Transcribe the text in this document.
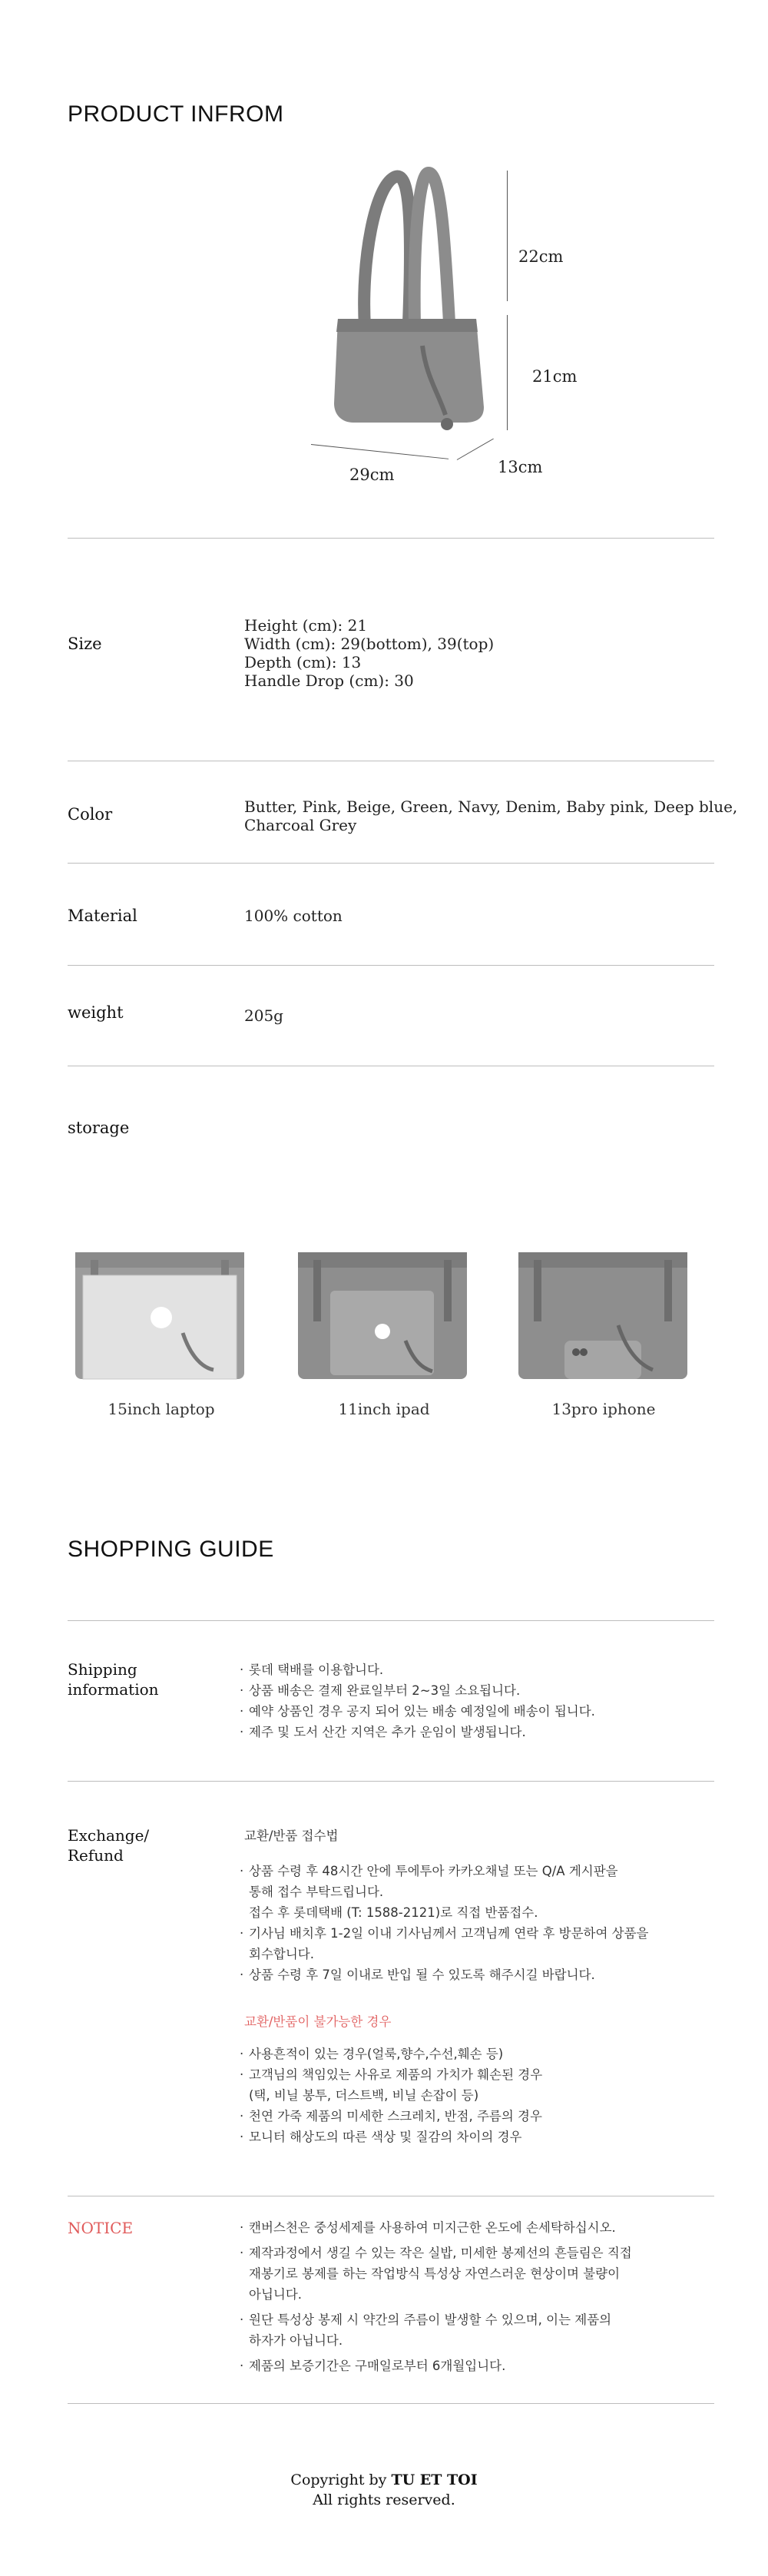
PRODUCT INFROM
22cm
21cm
29cm	13cm
Size
Height (cm): 21
Width (cm): 29(bottom), 39(top)
Depth (cm): 13
Handle Drop (cm): 30
Color	Butter, Pink, Beige, Green, Navy, Denim, Baby pink, Deep blue,
Charcoal Grey
Material	100% cotton
weight	205g
storage
15inch laptop	11inch ipad	13pro iphone
SHOPPING GUIDE
Shipping
information
· 롯데 택배를 이용합니다.
· 상품 배송은 결제 완료일부터 2~3일 소요됩니다.
· 예약 상품인 경우 공지 되어 있는 배송 예정일에 배송이 됩니다.
· 제주 및 도서 산간 지역은 추가 운임이 발생됩니다.
Exchange/
Refund
교환/반품 접수법
· 상품 수령 후 48시간 안에 투에투아 카카오채널 또는 Q/A 게시판을
통해 접수 부탁드립니다.
접수 후 롯데택배 (T: 1588-2121)로 직접 반품접수.
· 기사님 배치후 1-2일 이내 기사님께서 고객님께 연락 후 방문하여 상품을
회수합니다.
· 상품 수령 후 7일 이내로 반입 될 수 있도록 해주시길 바랍니다.
교환/반품이 불가능한 경우
· 사용흔적이 있는 경우(얼룩,향수,수선,훼손 등)
· 고객님의 책임있는 사유로 제품의 가치가 훼손된 경우
(택, 비닐 봉투, 더스트백, 비닐 손잡이 등)
· 천연 가죽 제품의 미세한 스크레치, 반점, 주름의 경우
· 모니터 해상도의 따른 색상 및 질감의 차이의 경우
NOTICE
·	캔버스천은 중성세제를 사용하여 미지근한 온도에 손세탁하십시오.
· 제작과정에서 생길 수 있는 작은 실밥, 미세한 봉제선의 흔들림은 직접
재봉기로 봉제를 하는 작업방식 특성상 자연스러운 현상이며 불량이
아닙니다.
· 원단 특성상 봉제 시 약간의 주름이 발생할 수 있으며, 이는 제품의
하자가 아닙니다.
· 제품의 보증기간은 구매일로부터 6개월입니다.
Copyright by TU ET TOI
All rights reserved.
